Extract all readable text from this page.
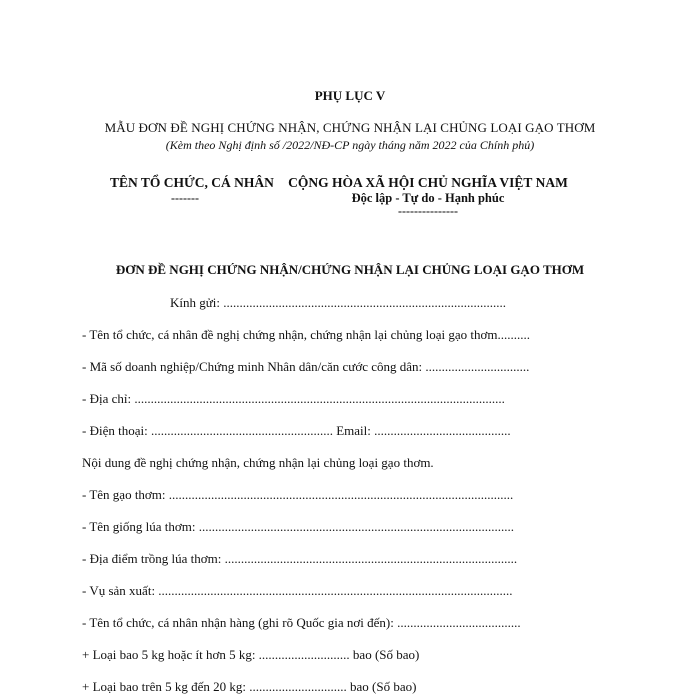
PHỤ LỤC V
MẪU ĐƠN ĐỀ NGHỊ CHỨNG NHẬN, CHỨNG NHẬN LẠI CHỦNG LOẠI GẠO THƠM
(Kèm theo Nghị định số /2022/NĐ-CP ngày tháng năm 2022 của Chính phủ)
TÊN TỔ CHỨC, CÁ NHÂN
-------
CỘNG HÒA XÃ HỘI CHỦ NGHĨA VIỆT NAM
Độc lập - Tự do - Hạnh phúc
---------------
ĐƠN ĐỀ NGHỊ CHỨNG NHẬN/CHỨNG NHẬN LẠI CHỦNG LOẠI GẠO THƠM
Kính gửi: .......................................................................................
- Tên tổ chức, cá nhân đề nghị chứng nhận, chứng nhận lại chủng loại gạo thơm..........
- Mã số doanh nghiệp/Chứng minh Nhân dân/căn cước công dân: ................................
- Địa chỉ: ..................................................................................................................
- Điện thoại: ........................................................ Email: ..........................................
Nội dung đề nghị chứng nhận, chứng nhận lại chủng loại gạo thơm.
- Tên gạo thơm: ..........................................................................................................
- Tên giống lúa thơm: .................................................................................................
- Địa điểm trồng lúa thơm: ..........................................................................................
- Vụ sản xuất: .............................................................................................................
- Tên tổ chức, cá nhân nhận hàng (ghi rõ Quốc gia nơi đến): ......................................
+ Loại bao 5 kg hoặc ít hơn 5 kg: ............................ bao (Số bao)
+ Loại bao trên 5 kg đến 20 kg: .............................. bao (Số bao)
